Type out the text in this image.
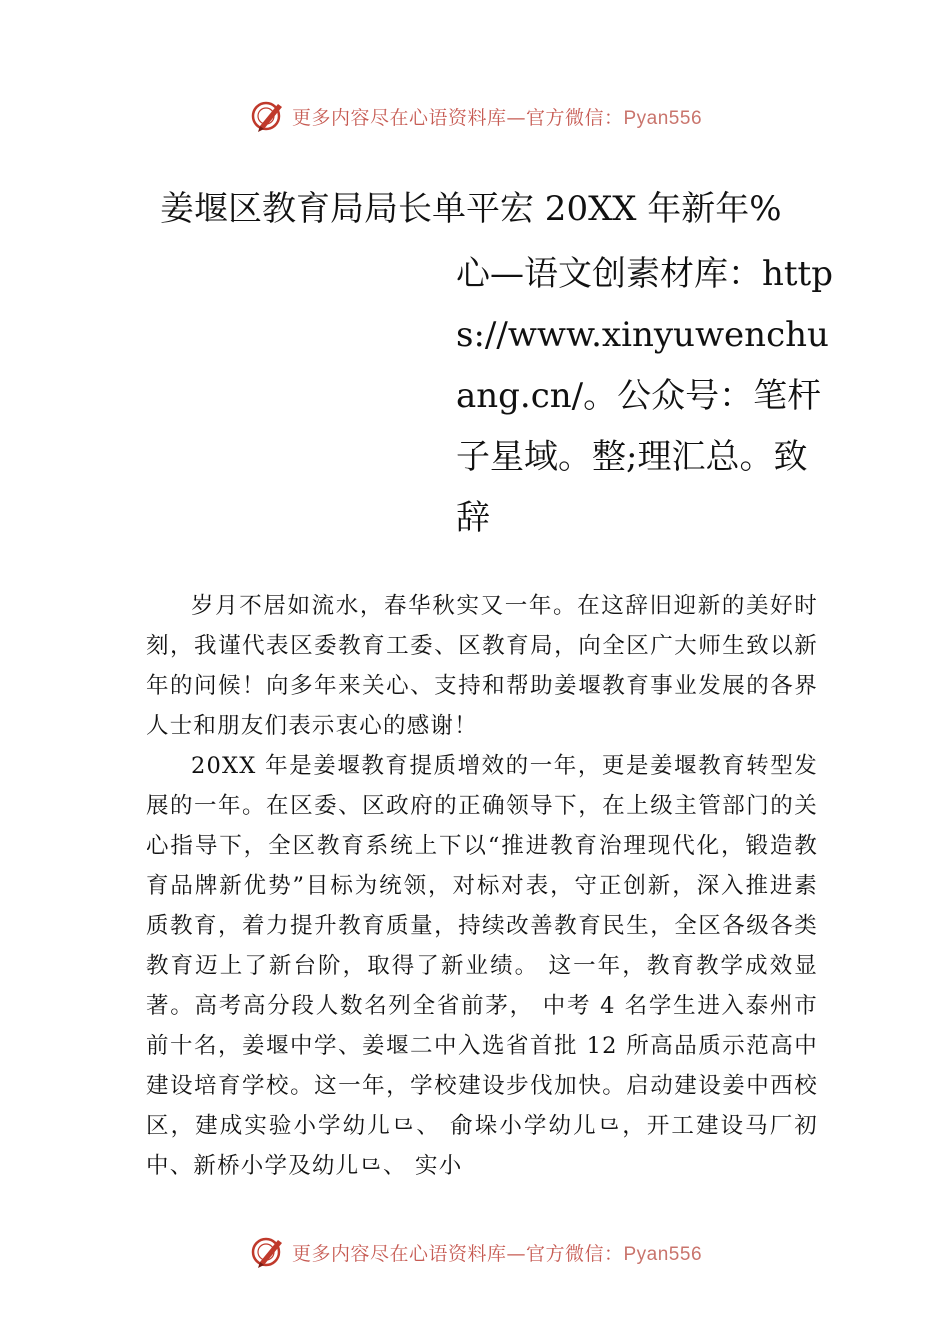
更多内容尽在心语资料库—官方微信：Pyan556
姜堰区教育局局长单平宏 20XX 年新年%
心—语文创素材库：https://www.xinyuwenchuang.cn/。公众号：笔杆子星域。整;理汇总。致辞

岁月不居如流水，春华秋实又一年。在这辞旧迎新的美好时刻，我谨代表区委教育工委、区教育局，向全区广大师生致以新年的问候！向多年来关心、支持和帮助姜堰教育事业发展的各界人士和朋友们表示衷心的感谢！

20XX 年是姜堰教育提质增效的一年，更是姜堰教育转型发展的一年。在区委、区政府的正确领导下，在上级主管部门的关心指导下，全区教育系统上下以“推进教育治理现代化，锻造教育品牌新优势”目标为统领，对标对表，守正创新，深入推进素质教育，着力提升教育质量，持续改善教育民生，全区各级各类教育迈上了新台阶，取得了新业绩。 这一年，教育教学成效显著。高考高分段人数名列全省前茅， 中考 4 名学生进入泰州市前十名，姜堰中学、姜堰二中入选省首批 12 所高品质示范高中建设培育学校。这一年，学校建设步伐加快。启动建设姜中西校区，建成实验小学幼儿⺋、 俞垛小学幼儿⺋，开工建设马厂初中、新桥小学及幼儿⺋、 实小

更多内容尽在心语资料库—官方微信：Pyan556
